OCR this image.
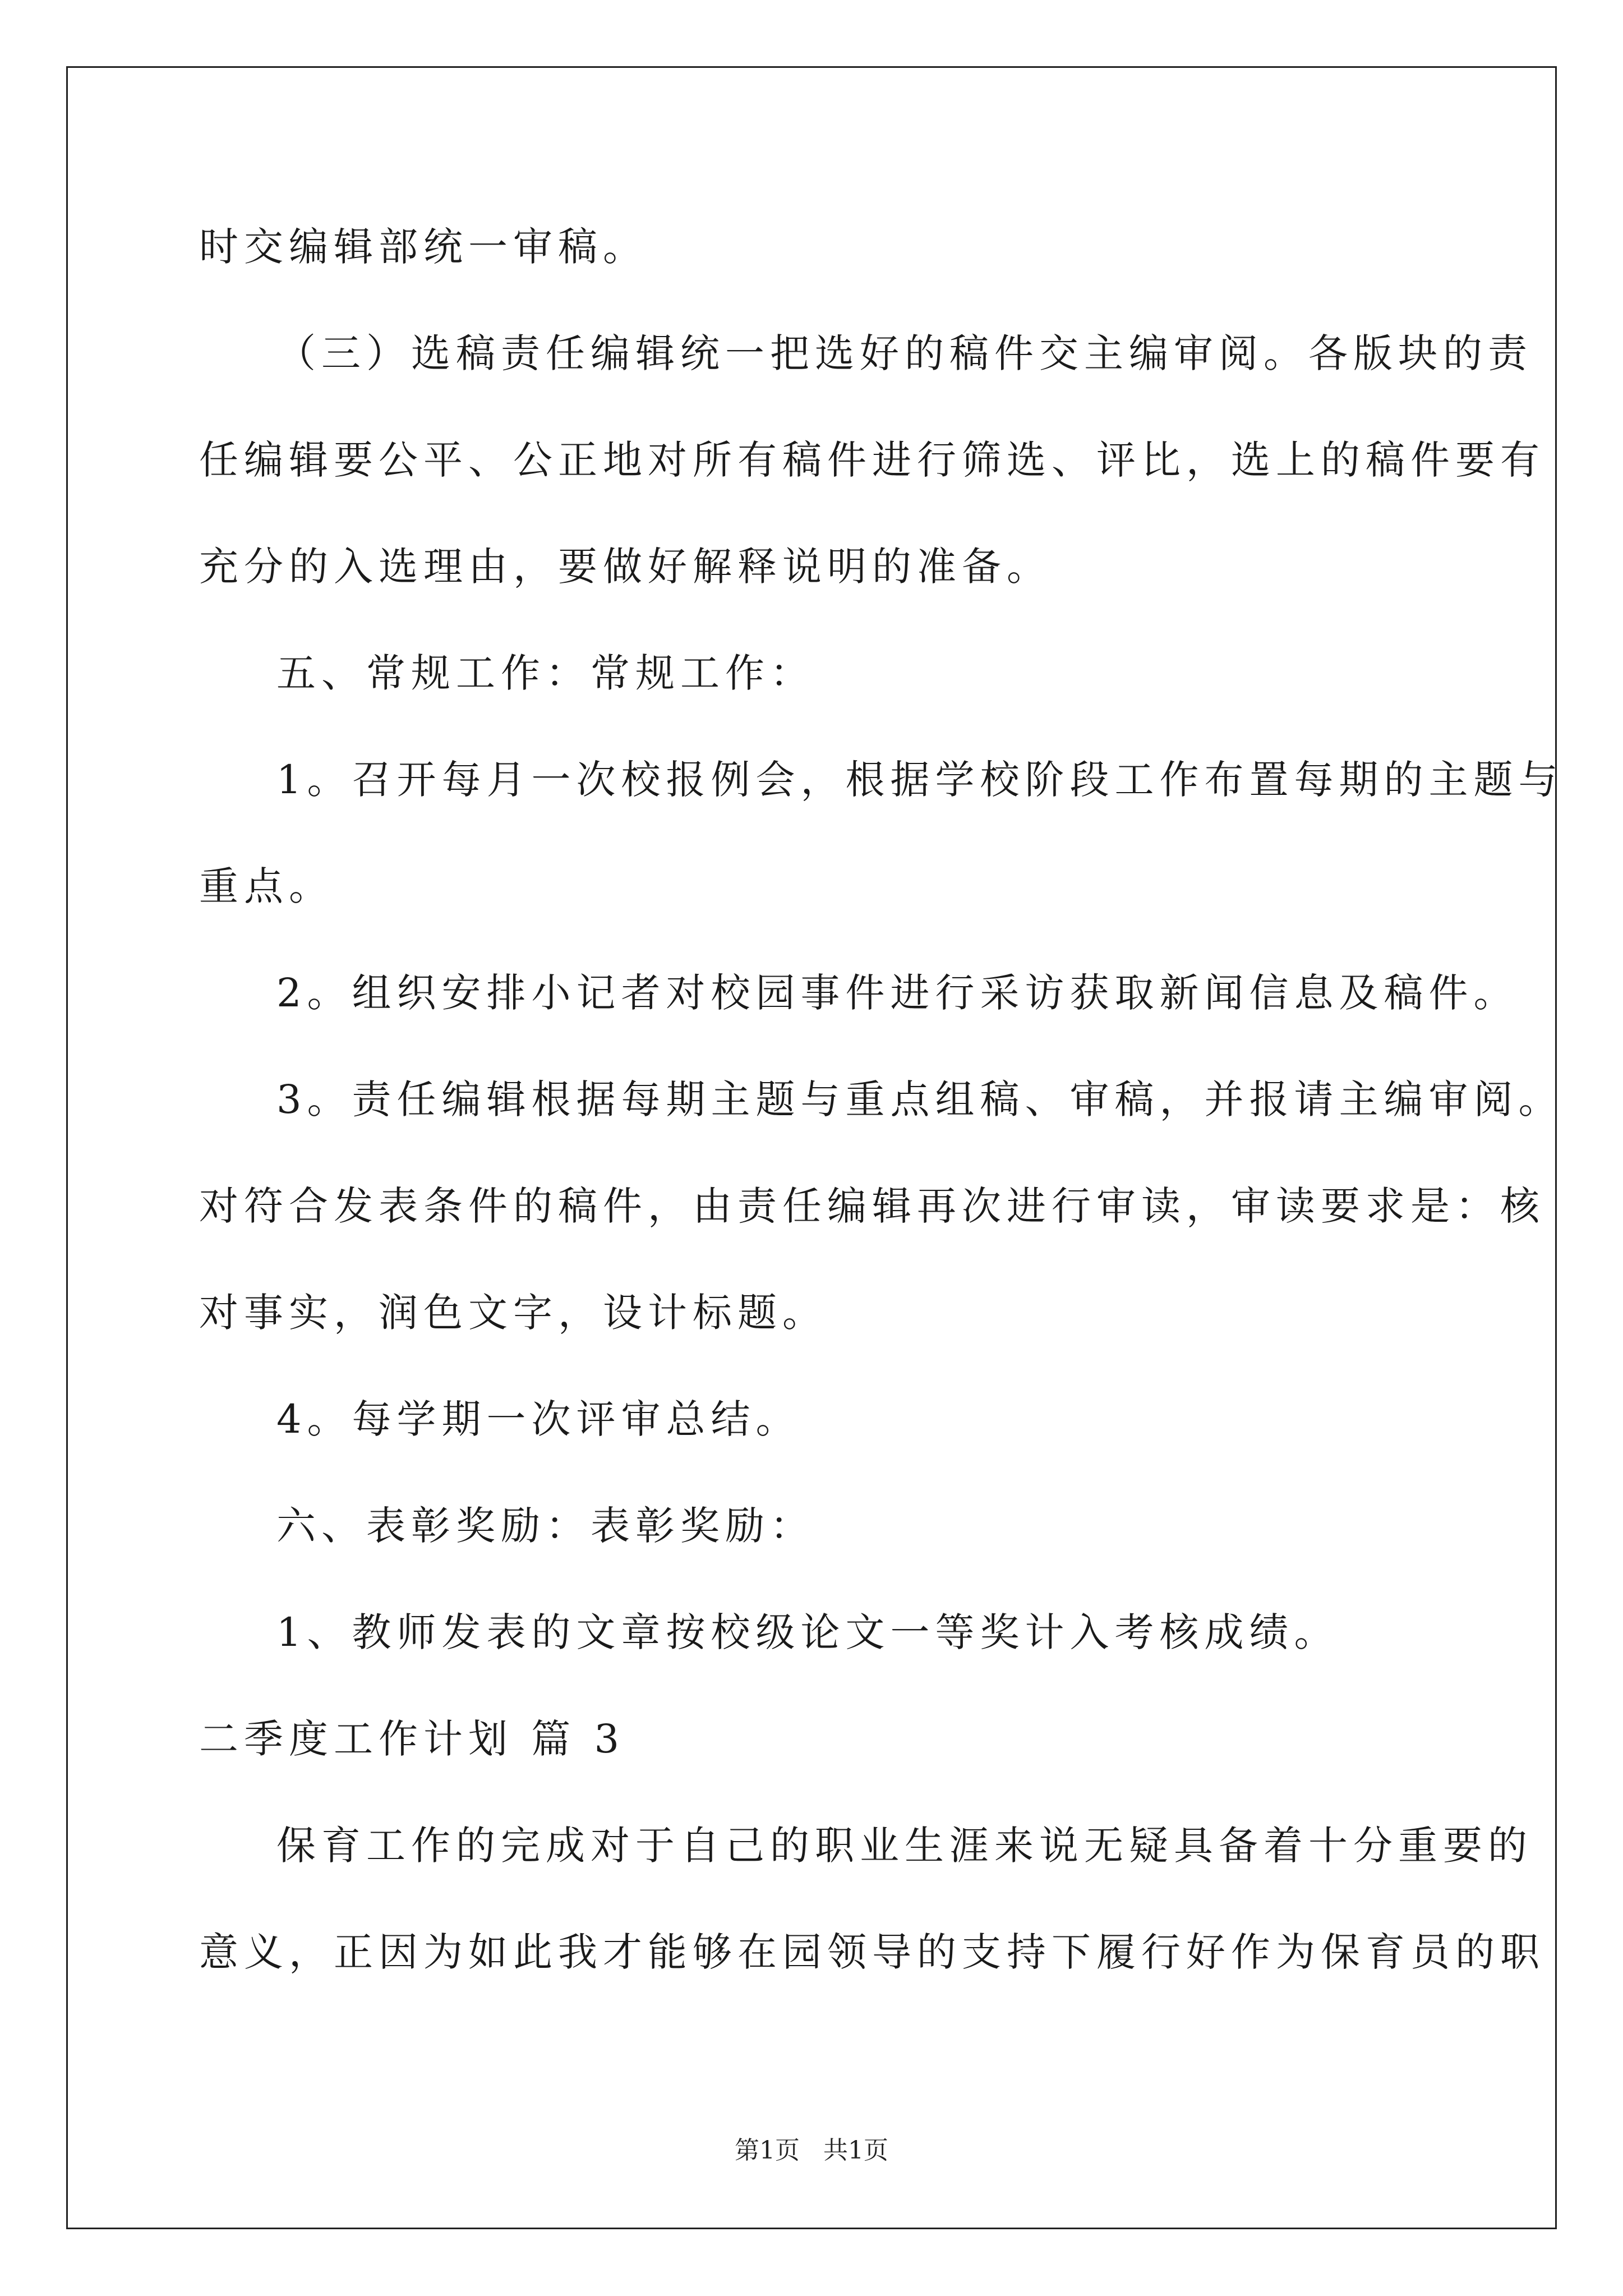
时交编辑部统一审稿。
（三）选稿责任编辑统一把选好的稿件交主编审阅。各版块的责
任编辑要公平、公正地对所有稿件进行筛选、评比，选上的稿件要有
充分的入选理由，要做好解释说明的准备。
五、常规工作：常规工作：
1。召开每月一次校报例会，根据学校阶段工作布置每期的主题与
重点。
2。组织安排小记者对校园事件进行采访获取新闻信息及稿件。
3。责任编辑根据每期主题与重点组稿、审稿，并报请主编审阅。
对符合发表条件的稿件，由责任编辑再次进行审读，审读要求是：核
对事实，润色文字，设计标题。
4。每学期一次评审总结。
六、表彰奖励：表彰奖励：
1、教师发表的文章按校级论文一等奖计入考核成绩。
二季度工作计划 篇 3
保育工作的完成对于自己的职业生涯来说无疑具备着十分重要的
意义，正因为如此我才能够在园领导的支持下履行好作为保育员的职
第1页   共1页
